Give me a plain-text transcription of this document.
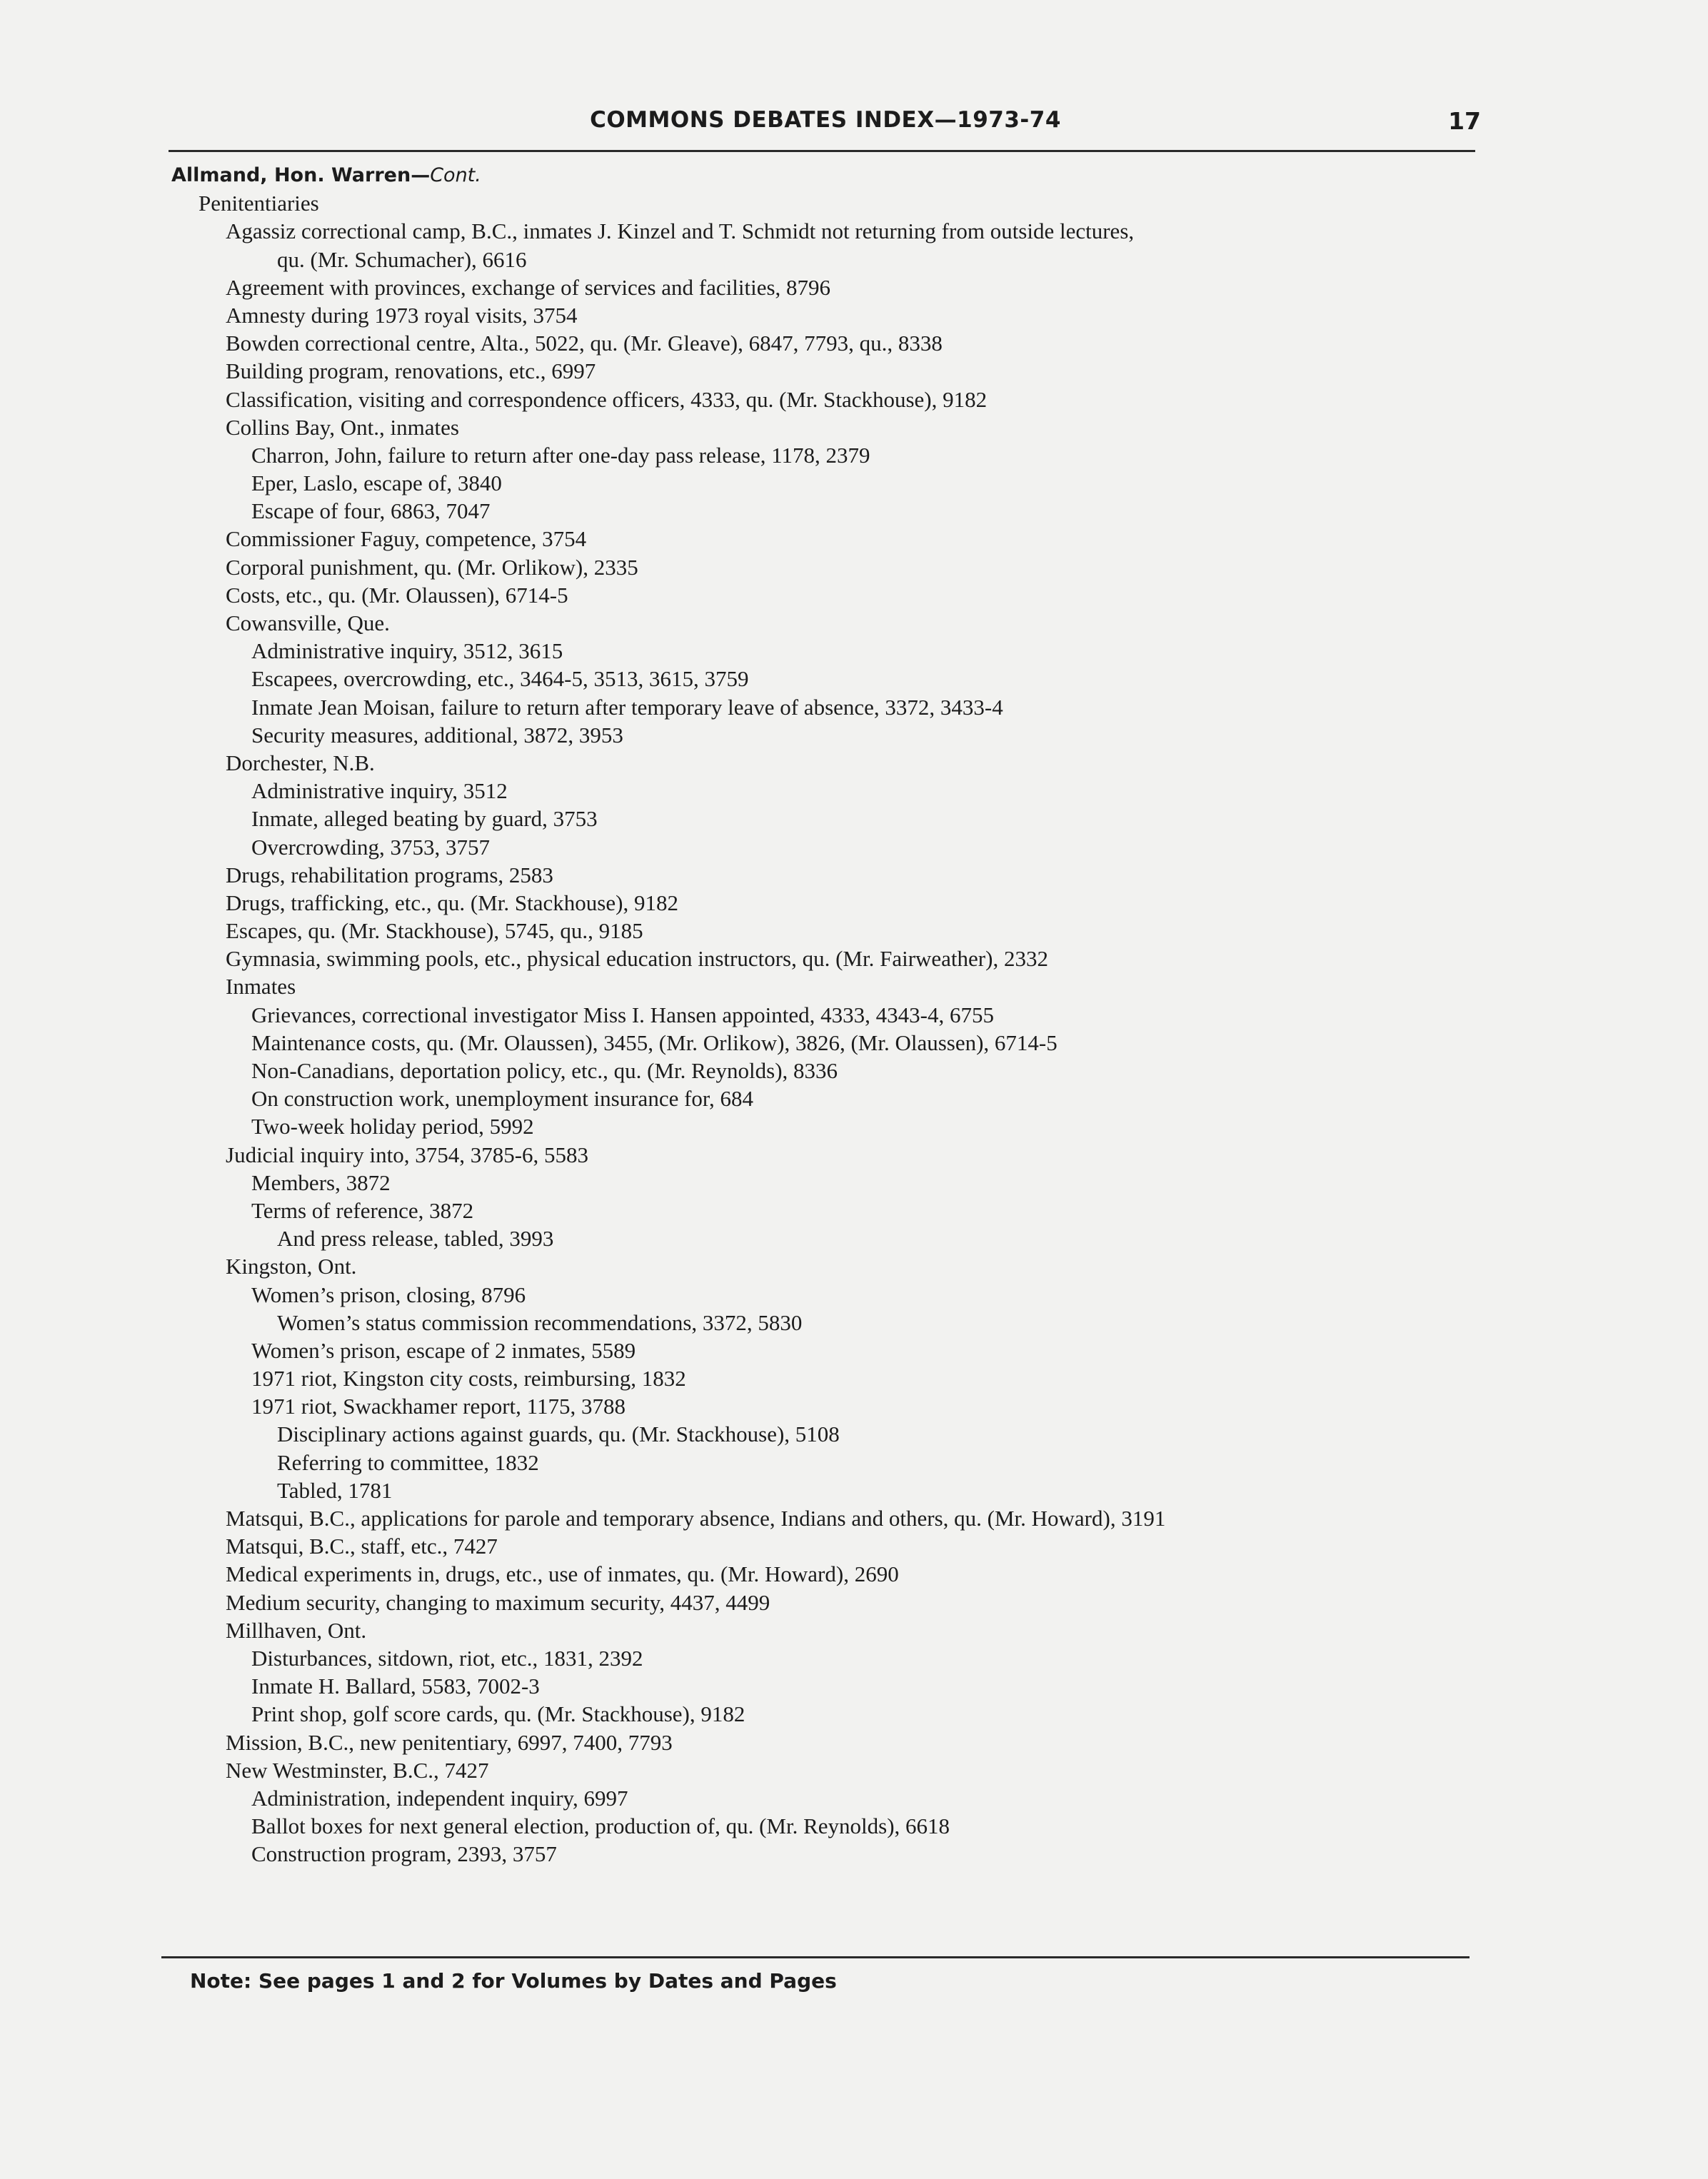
COMMONS DEBATES INDEX—1973-74	17
Allmand, Hon. Warren—Cont.
Penitentiaries
Agassiz correctional camp, B.C., inmates J. Kinzel and T. Schmidt not returning from outside lectures,
qu. (Mr. Schumacher), 6616
Agreement with provinces, exchange of services and facilities, 8796
Amnesty during 1973 royal visits, 3754
Bowden correctional centre, Alta., 5022, qu. (Mr. Gleave), 6847, 7793, qu., 8338
Building program, renovations, etc., 6997
Classification, visiting and correspondence officers, 4333, qu. (Mr. Stackhouse), 9182
Collins Bay, Ont., inmates
Charron, John, failure to return after one-day pass release, 1178, 2379
Eper, Laslo, escape of, 3840
Escape of four, 6863, 7047
Commissioner Faguy, competence, 3754
Corporal punishment, qu. (Mr. Orlikow), 2335
Costs, etc., qu. (Mr. Olaussen), 6714-5
Cowansville, Que.
Administrative inquiry, 3512, 3615
Escapees, overcrowding, etc., 3464-5, 3513, 3615, 3759
Inmate Jean Moisan, failure to return after temporary leave of absence, 3372, 3433-4
Security measures, additional, 3872, 3953
Dorchester, N.B.
Administrative inquiry, 3512
Inmate, alleged beating by guard, 3753
Overcrowding, 3753, 3757
Drugs, rehabilitation programs, 2583
Drugs, trafficking, etc., qu. (Mr. Stackhouse), 9182
Escapes, qu. (Mr. Stackhouse), 5745, qu., 9185
Gymnasia, swimming pools, etc., physical education instructors, qu. (Mr. Fairweather), 2332
Inmates
Grievances, correctional investigator Miss I. Hansen appointed, 4333, 4343-4, 6755
Maintenance costs, qu. (Mr. Olaussen), 3455, (Mr. Orlikow), 3826, (Mr. Olaussen), 6714-5
Non-Canadians, deportation policy, etc., qu. (Mr. Reynolds), 8336
On construction work, unemployment insurance for, 684
Two-week holiday period, 5992
Judicial inquiry into, 3754, 3785-6, 5583
Members, 3872
Terms of reference, 3872
And press release, tabled, 3993
Kingston, Ont.
Women’s prison, closing, 8796
Women’s status commission recommendations, 3372, 5830
Women’s prison, escape of 2 inmates, 5589
1971 riot, Kingston city costs, reimbursing, 1832
1971 riot, Swackhamer report, 1175, 3788
Disciplinary actions against guards, qu. (Mr. Stackhouse), 5108
Referring to committee, 1832
Tabled, 1781
Matsqui, B.C., applications for parole and temporary absence, Indians and others, qu. (Mr. Howard), 3191
Matsqui, B.C., staff, etc., 7427
Medical experiments in, drugs, etc., use of inmates, qu. (Mr. Howard), 2690
Medium security, changing to maximum security, 4437, 4499
Millhaven, Ont.
Disturbances, sitdown, riot, etc., 1831, 2392
Inmate H. Ballard, 5583, 7002-3
Print shop, golf score cards, qu. (Mr. Stackhouse), 9182
Mission, B.C., new penitentiary, 6997, 7400, 7793
New Westminster, B.C., 7427
Administration, independent inquiry, 6997
Ballot boxes for next general election, production of, qu. (Mr. Reynolds), 6618
Construction program, 2393, 3757
Note: See pages 1 and 2 for Volumes by Dates and Pages
